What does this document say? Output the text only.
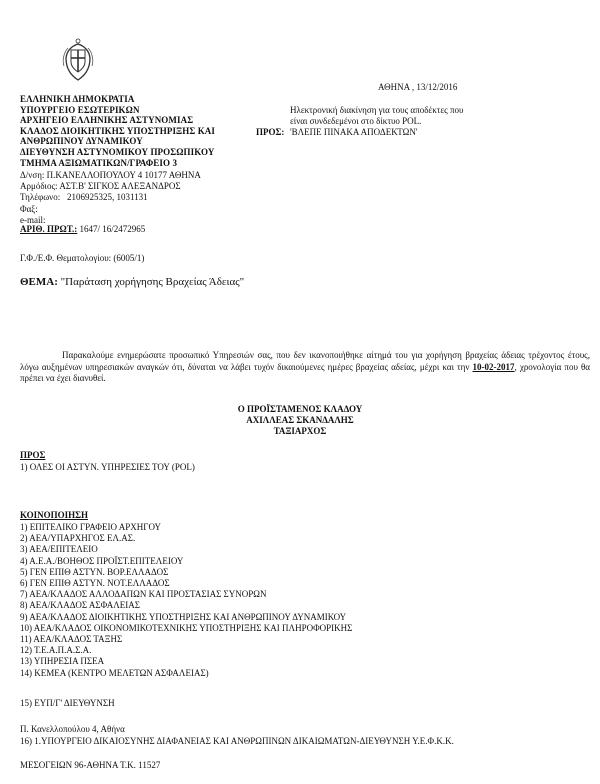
ΕΛΛΗΝΙΚΗ ΔΗΜΟΚΡΑΤΙΑ
ΥΠΟΥΡΓΕΙΟ ΕΣΩΤΕΡΙΚΩΝ
ΑΡΧΗΓΕΙΟ ΕΛΛΗΝΙΚΗΣ ΑΣΤΥΝΟΜΙΑΣ
ΚΛΑΔΟΣ ΔΙΟΙΚΗΤΙΚΗΣ ΥΠΟΣΤΗΡΙΞΗΣ ΚΑΙ
ΑΝΘΡΩΠΙΝΟΥ ΔΥΝΑΜΙΚΟΥ
ΔΙΕΥΘΥΝΣΗ ΑΣΤΥΝΟΜΙΚΟΥ ΠΡΟΣΩΠΙΚΟΥ
ΤΜΗΜΑ ΑΞΙΩΜΑΤΙΚΩΝ/ΓΡΑΦΕΙΟ 3
Δ/νση: Π.ΚΑΝΕΛΛΟΠΟΥΛΟΥ 4 10177 ΑΘΗΝΑ
Αρμόδιος: ΑΣΤ.Β' ΣΙΓΚΟΣ ΑΛΕΞΑΝΔΡΟΣ
Τηλέφωνο: 2106925325, 1031131
Φαξ:
e-mail:
ΑΡΙΘ. ΠΡΩΤ.: 1647/ 16/2472965
Γ.Φ./Ε.Φ. Θεματολογίου: (6005/1)
ΑΘΗΝΑ , 13/12/2016
Ηλεκτρονική διακίνηση για τους αποδέκτες που
είναι συνδεδεμένοι στο δίκτυο POL.
ΠΡΟΣ: 'ΒΛΕΠΕ ΠΙΝΑΚΑ ΑΠΟΔΕΚΤΩΝ'
ΘΕΜΑ: "Παράταση χορήγησης Βραχείας Άδειας"
Παρακαλούμε ενημερώσατε προσωπικό Υπηρεσιών σας, που δεν ικανοποιήθηκε αίτημά του για χορήγηση βραχείας άδειας τρέχοντος έτους, λόγω αυξημένων υπηρεσιακών αναγκών ότι, δύναται να λάβει τυχόν δικαιούμενες ημέρες βραχείας αδείας, μέχρι και την 10-02-2017, χρονολογία που θα πρέπει να έχει διανυθεί.
Ο ΠΡΟΪΣΤΑΜΕΝΟΣ ΚΛΑΔΟΥ
ΑΧΙΛΛΕΑΣ ΣΚΑΝΔΑΛΗΣ
ΤΑΞΙΑΡΧΟΣ
ΠΡΟΣ
1) ΟΛΕΣ ΟΙ ΑΣΤΥΝ. ΥΠΗΡΕΣΙΕΣ ΤΟΥ (POL)
ΚΟΙΝΟΠΟΙΗΣΗ
1) ΕΠΙΤΕΛΙΚΟ ΓΡΑΦΕΙΟ ΑΡΧΗΓΟΥ
2) ΑΕΑ/ΥΠΑΡΧΗΓΟΣ ΕΛ.ΑΣ.
3) ΑΕΑ/ΕΠΙΤΕΛΕΙΟ
4) Α.Ε.Α./ΒΟΗΘΟΣ ΠΡΟΪΣΤ.ΕΠΙΤΕΛΕΙΟΥ
5) ΓΕΝ ΕΠΙΘ ΑΣΤΥΝ. ΒΟΡ.ΕΛΛΑΔΟΣ
6) ΓΕΝ ΕΠΙΘ ΑΣΤΥΝ. ΝΟΤ.ΕΛΛΑΔΟΣ
7) ΑΕΑ/ΚΛΑΔΟΣ ΑΛΛΟΔΑΠΩΝ ΚΑΙ ΠΡΟΣΤΑΣΙΑΣ ΣΥΝΟΡΩΝ
8) ΑΕΑ/ΚΛΑΔΟΣ ΑΣΦΑΛΕΙΑΣ
9) ΑΕΑ/ΚΛΑΔΟΣ ΔΙΟΙΚΗΤΙΚΗΣ ΥΠΟΣΤΗΡΙΞΗΣ ΚΑΙ ΑΝΘΡΩΠΙΝΟΥ ΔΥΝΑΜΙΚΟΥ
10) ΑΕΑ/ΚΛΑΔΟΣ ΟΙΚΟΝΟΜΙΚΟΤΕΧΝΙΚΗΣ ΥΠΟΣΤΗΡΙΞΗΣ ΚΑΙ ΠΛΗΡΟΦΟΡΙΚΗΣ
11) ΑΕΑ/ΚΛΑΔΟΣ ΤΑΞΗΣ
12) Τ.Ε.Α.Π.Α.Σ.Α.
13) ΥΠΗΡΕΣΙΑ ΠΣΕΑ
14) ΚΕΜΕΑ (ΚΕΝΤΡΟ ΜΕΛΕΤΩΝ ΑΣΦΑΛΕΙΑΣ)
15) ΕΥΠ/Γ' ΔΙΕΥΘΥΝΣΗ
Π. Κανελλοπούλου 4, Αθήνα
16) 1.ΥΠΟΥΡΓΕΙΟ ΔΙΚΑΙΟΣΥΝΗΣ ΔΙΑΦΑΝΕΙΑΣ ΚΑΙ ΑΝΘΡΩΠΙΝΩΝ ΔΙΚΑΙΩΜΑΤΩΝ-ΔΙΕΥΘΥΝΣΗ Υ.Ε.Φ.Κ.Κ.
ΜΕΣΟΓΕΙΩΝ 96-ΑΘΗΝΑ Τ.Κ. 11527
